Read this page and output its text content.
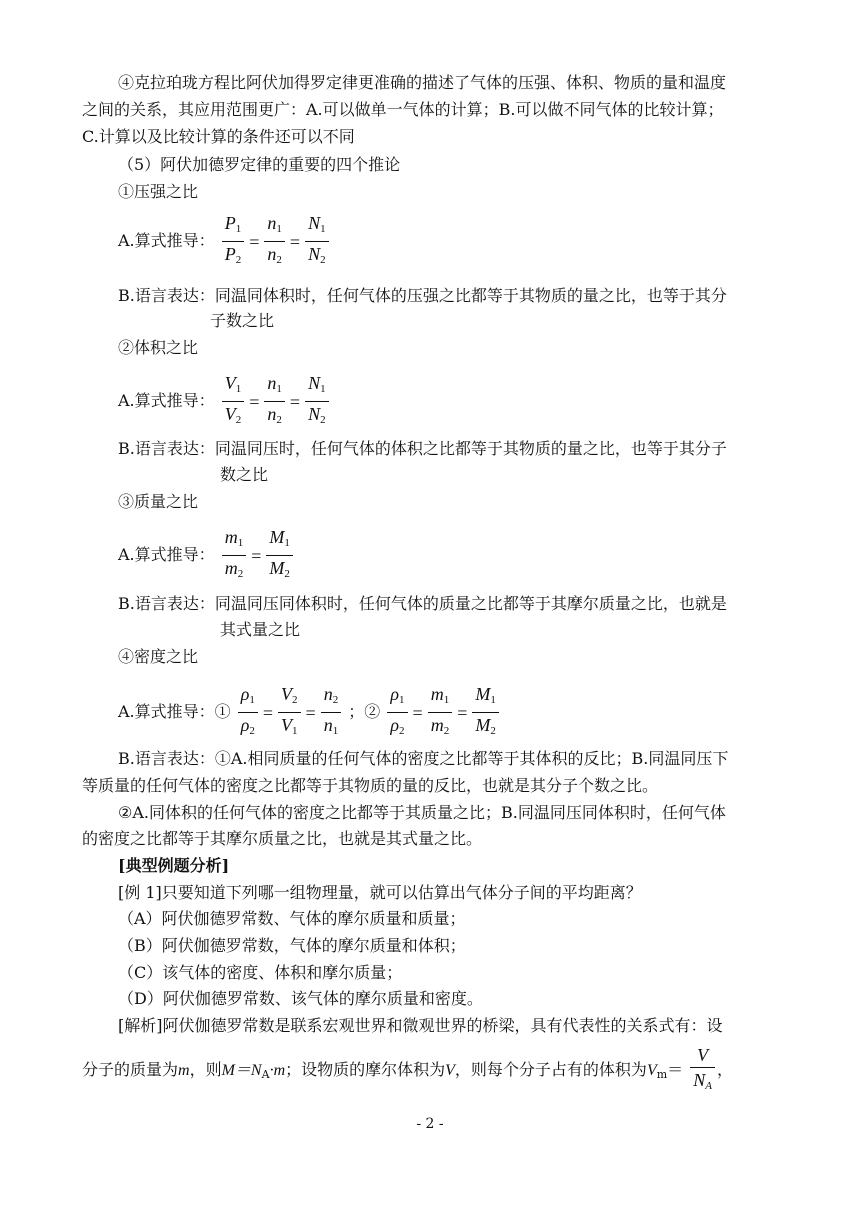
④克拉珀珑方程比阿伏加得罗定律更准确的描述了气体的压强、体积、物质的量和温度
之间的关系，其应用范围更广：A.可以做单一气体的计算；B.可以做不同气体的比较计算；
C.计算以及比较计算的条件还可以不同
（5）阿伏加德罗定律的重要的四个推论
①压强之比
A.算式推导： $\frac{P_1}{P_2} = \frac{n_1}{n_2} = \frac{N_1}{N_2}$
B.语言表达：同温同体积时，任何气体的压强之比都等于其物质的量之比，也等于其分
子数之比
②体积之比
A.算式推导： $\frac{V_1}{V_2} = \frac{n_1}{n_2} = \frac{N_1}{N_2}$
B.语言表达：同温同压时，任何气体的体积之比都等于其物质的量之比，也等于其分子
数之比
③质量之比
A.算式推导： $\frac{m_1}{m_2} = \frac{M_1}{M_2}$
B.语言表达：同温同压同体积时，任何气体的质量之比都等于其摩尔质量之比，也就是
其式量之比
④密度之比
A.算式推导：① $\frac{\rho_1}{\rho_2} = \frac{V_2}{V_1} = \frac{n_2}{n_1}$ ；② $\frac{\rho_1}{\rho_2} = \frac{m_1}{m_2} = \frac{M_1}{M_2}$
B.语言表达：①A.相同质量的任何气体的密度之比都等于其体积的反比；B.同温同压下
等质量的任何气体的密度之比都等于其物质的量的反比，也就是其分子个数之比。
②A.同体积的任何气体的密度之比都等于其质量之比；B.同温同压同体积时，任何气体
的密度之比都等于其摩尔质量之比，也就是其式量之比。
[典型例题分析]
[例 1]只要知道下列哪一组物理量，就可以估算出气体分子间的平均距离？
（A）阿伏伽德罗常数、气体的摩尔质量和质量；
（B）阿伏伽德罗常数，气体的摩尔质量和体积；
（C）该气体的密度、体积和摩尔质量；
（D）阿伏伽德罗常数、该气体的摩尔质量和密度。
[解析]阿伏伽德罗常数是联系宏观世界和微观世界的桥梁，具有代表性的关系式有：设
分子的质量为m，则$M=N_A\cdot m$；设物质的摩尔体积为V，则每个分子占有的体积为$V_m= \frac{V}{NA}$ ，
- 2 -
